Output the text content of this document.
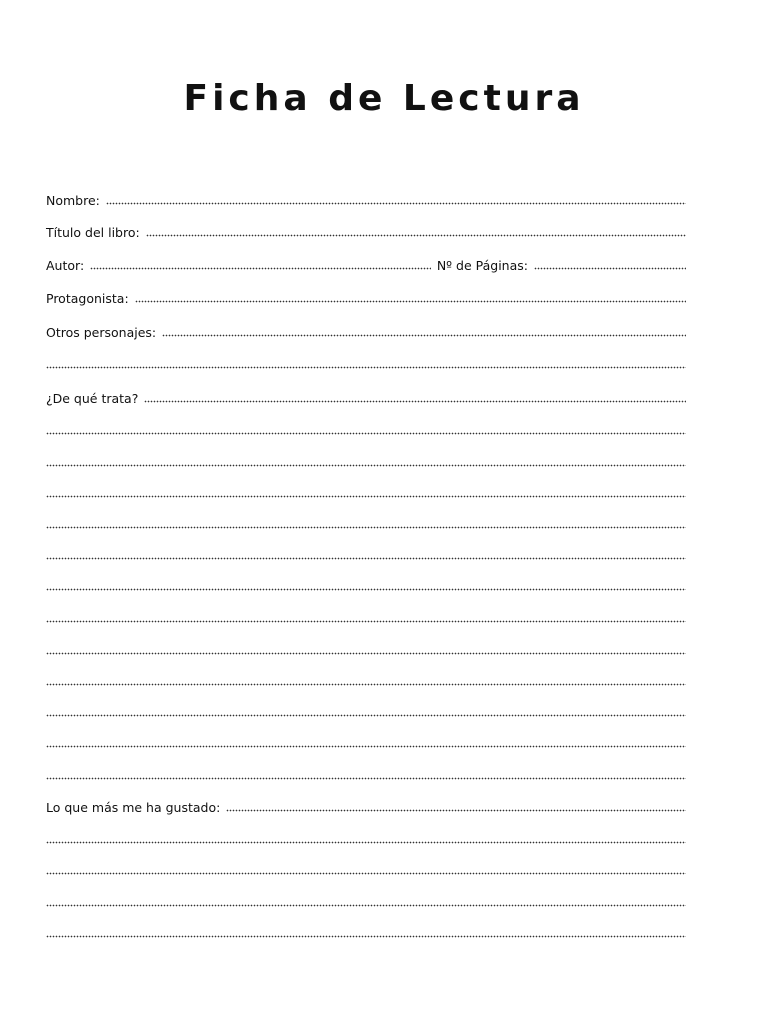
Ficha de Lectura
Nombre:
Título del libro:
Autor:	Nº de Páginas:
Protagonista:
Otros personajes:
¿De qué trata?
Lo que más me ha gustado:
